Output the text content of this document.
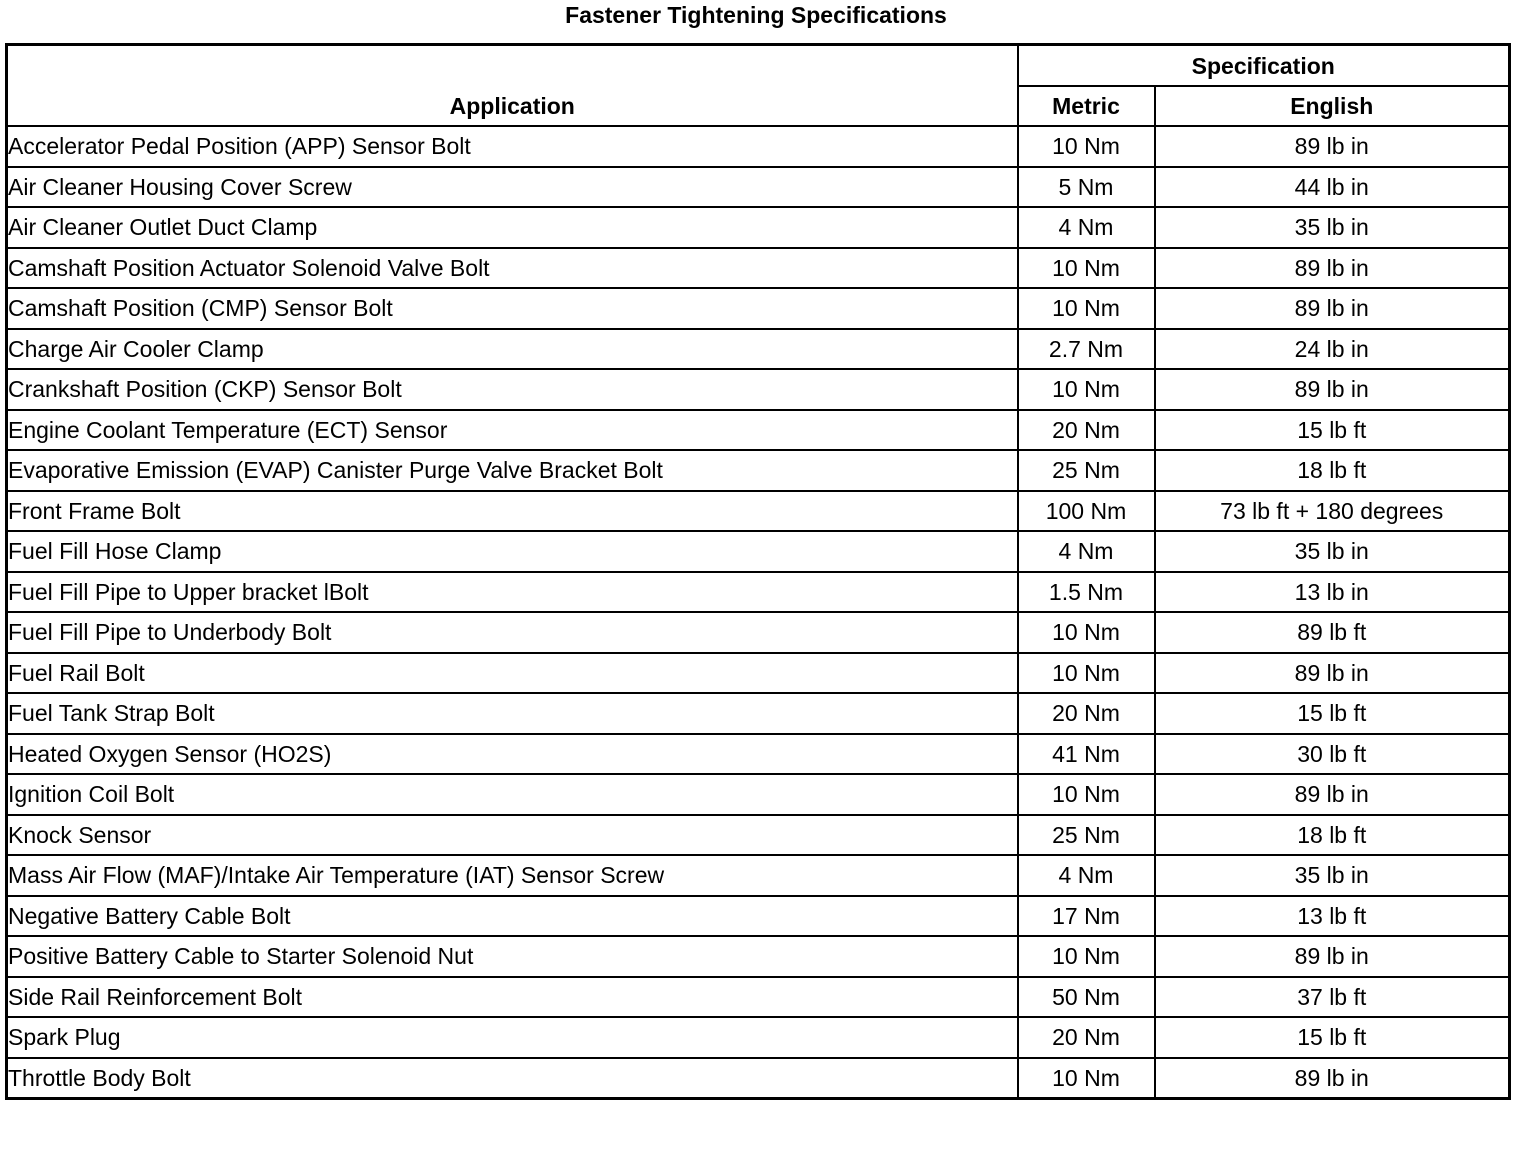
Fastener Tightening Specifications
Application	Specification	
	Metric	English
Accelerator Pedal Position (APP) Sensor Bolt	10 Nm	89 lb in
Air Cleaner Housing Cover Screw	5 Nm	44 lb in
Air Cleaner Outlet Duct Clamp	4 Nm	35 lb in
Camshaft Position Actuator Solenoid Valve Bolt	10 Nm	89 lb in
Camshaft Position (CMP) Sensor Bolt	10 Nm	89 lb in
Charge Air Cooler Clamp	2.7 Nm	24 lb in
Crankshaft Position (CKP) Sensor Bolt	10 Nm	89 lb in
Engine Coolant Temperature (ECT) Sensor	20 Nm	15 lb ft
Evaporative Emission (EVAP) Canister Purge Valve Bracket Bolt	25 Nm	18 lb ft
Front Frame Bolt	100 Nm	73 lb ft + 180 degrees
Fuel Fill Hose Clamp	4 Nm	35 lb in
Fuel Fill Pipe to Upper bracket lBolt	1.5 Nm	13 lb in
Fuel Fill Pipe to Underbody Bolt	10 Nm	89 lb ft
Fuel Rail Bolt	10 Nm	89 lb in
Fuel Tank Strap Bolt	20 Nm	15 lb ft
Heated Oxygen Sensor (HO2S)	41 Nm	30 lb ft
Ignition Coil Bolt	10 Nm	89 lb in
Knock Sensor	25 Nm	18 lb ft
Mass Air Flow (MAF)/Intake Air Temperature (IAT) Sensor Screw	4 Nm	35 lb in
Negative Battery Cable Bolt	17 Nm	13 lb ft
Positive Battery Cable to Starter Solenoid Nut	10 Nm	89 lb in
Side Rail Reinforcement Bolt	50 Nm	37 lb ft
Spark Plug	20 Nm	15 lb ft
Throttle Body Bolt	10 Nm	89 lb in
